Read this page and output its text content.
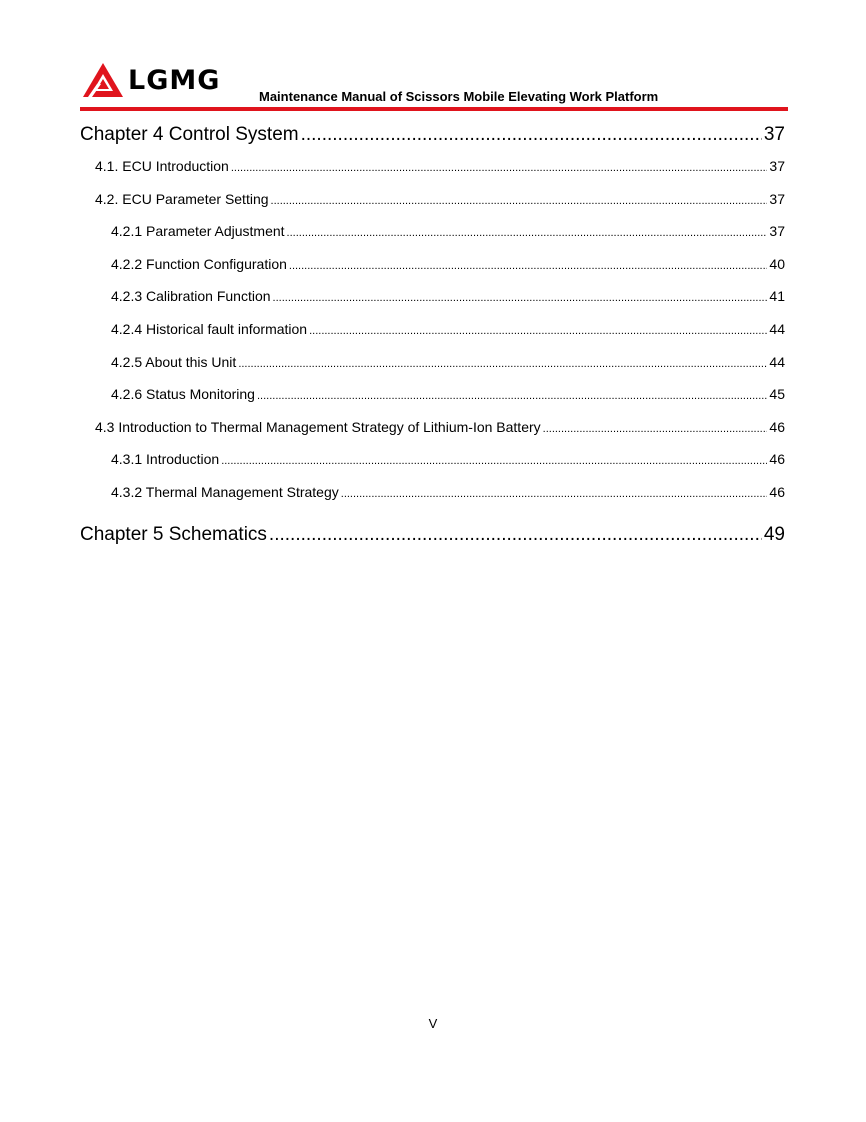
LGMG
Maintenance Manual of Scissors Mobile Elevating Work Platform
Chapter 4 Control System .....	37
4.1. ECU Introduction .....	37
4.2. ECU Parameter Setting .....	37
4.2.1 Parameter Adjustment .....	37
4.2.2 Function Configuration .....	40
4.2.3 Calibration Function .....	41
4.2.4 Historical fault information .....	44
4.2.5 About this Unit .....	44
4.2.6 Status Monitoring .....	45
4.3 Introduction to Thermal Management Strategy of Lithium-Ion Battery .....	46
4.3.1 Introduction .....	46
4.3.2 Thermal Management Strategy .....	46
Chapter 5 Schematics .....	49
V
